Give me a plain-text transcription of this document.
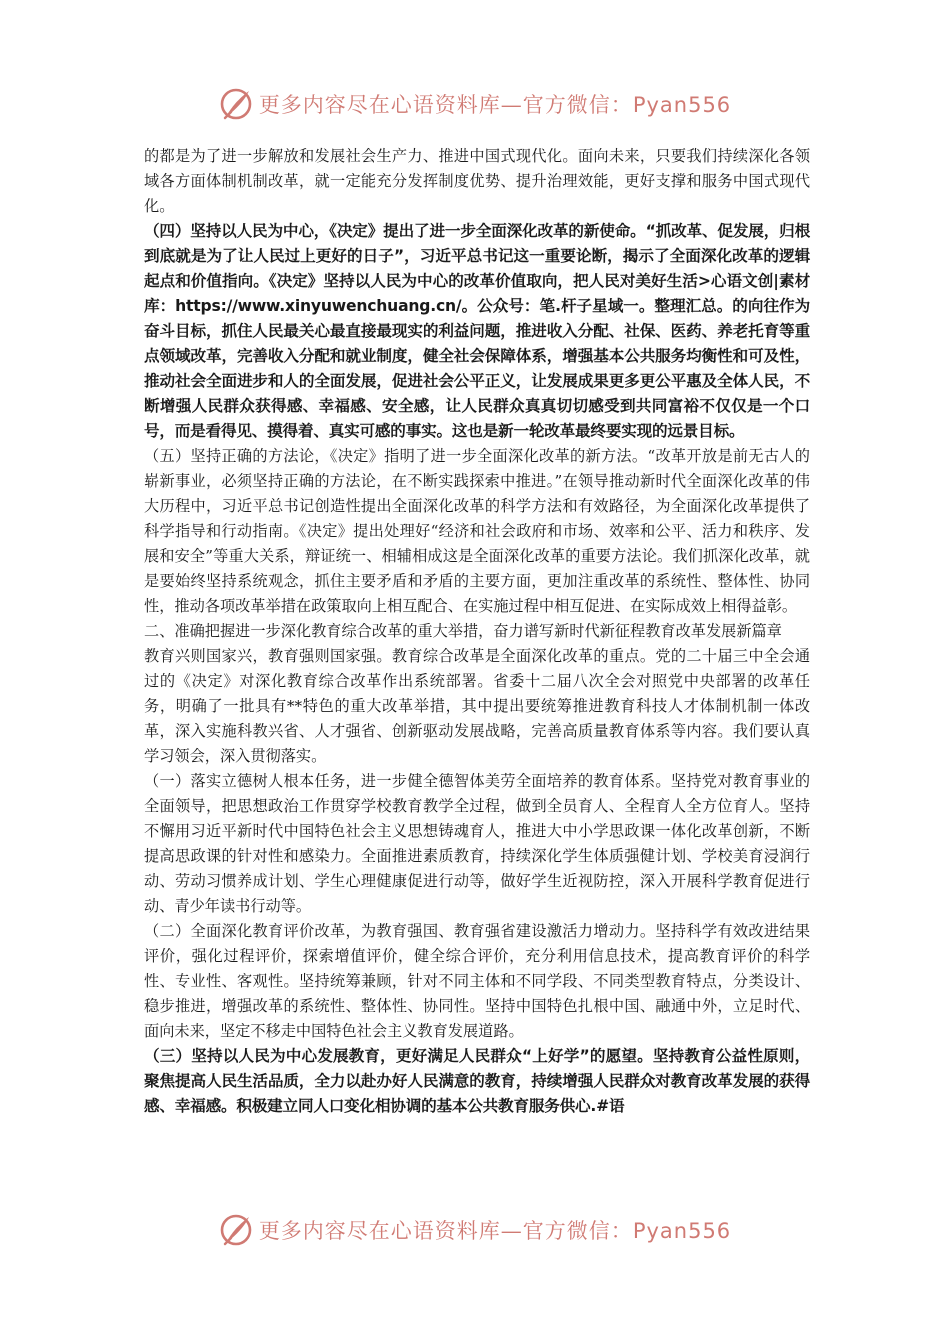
更多内容尽在心语资料库—官方微信：Pyan556

的都是为了进一步解放和发展社会生产力、推进中国式现代化。面向未来，只要我们持续深化各领域各方面体制机制改革，就一定能充分发挥制度优势、提升治理效能，更好支撑和服务中国式现代化。

（四）坚持以人民为中心，《决定》提出了进一步全面深化改革的新使命。“抓改革、促发展，归根到底就是为了让人民过上更好的日子”，习近平总书记这一重要论断，揭示了全面深化改革的逻辑起点和价值指向。《决定》坚持以人民为中心的改革价值取向，把人民对美好生活>心语文创|素材库：https://www.xinyuwenchuang.cn/。公众号：笔.杆子星域一。整理汇总。的向往作为奋斗目标，抓住人民最关心最直接最现实的利益问题，推进收入分配、社保、医药、养老托育等重点领域改革，完善收入分配和就业制度，健全社会保障体系，增强基本公共服务均衡性和可及性，推动社会全面进步和人的全面发展，促进社会公平正义，让发展成果更多更公平惠及全体人民，不断增强人民群众获得感、幸福感、安全感，让人民群众真真切切感受到共同富裕不仅仅是一个口号，而是看得见、摸得着、真实可感的事实。这也是新一轮改革最终要实现的远景目标。

（五）坚持正确的方法论，《决定》指明了进一步全面深化改革的新方法。“改革开放是前无古人的崭新事业，必须坚持正确的方法论，在不断实践探索中推进。”在领导推动新时代全面深化改革的伟大历程中，习近平总书记创造性提出全面深化改革的科学方法和有效路径，为全面深化改革提供了科学指导和行动指南。《决定》提出处理好“经济和社会政府和市场、效率和公平、活力和秩序、发展和安全”等重大关系，辩证统一、相辅相成这是全面深化改革的重要方法论。我们抓深化改革，就是要始终坚持系统观念，抓住主要矛盾和矛盾的主要方面，更加注重改革的系统性、整体性、协同性，推动各项改革举措在政策取向上相互配合、在实施过程中相互促进、在实际成效上相得益彰。

二、准确把握进一步深化教育综合改革的重大举措，奋力谱写新时代新征程教育改革发展新篇章

教育兴则国家兴，教育强则国家强。教育综合改革是全面深化改革的重点。党的二十届三中全会通过的《决定》对深化教育综合改革作出系统部署。省委十二届八次全会对照党中央部署的改革任务，明确了一批具有**特色的重大改革举措，其中提出要统筹推进教育科技人才体制机制一体改革，深入实施科教兴省、人才强省、创新驱动发展战略，完善高质量教育体系等内容。我们要认真学习领会，深入贯彻落实。

（一）落实立德树人根本任务，进一步健全德智体美劳全面培养的教育体系。坚持党对教育事业的全面领导，把思想政治工作贯穿学校教育教学全过程，做到全员育人、全程育人全方位育人。坚持不懈用习近平新时代中国特色社会主义思想铸魂育人，推进大中小学思政课一体化改革创新，不断提高思政课的针对性和感染力。全面推进素质教育，持续深化学生体质强健计划、学校美育浸润行动、劳动习惯养成计划、学生心理健康促进行动等，做好学生近视防控，深入开展科学教育促进行动、青少年读书行动等。

（二）全面深化教育评价改革，为教育强国、教育强省建设激活力增动力。坚持科学有效改进结果评价，强化过程评价，探索增值评价，健全综合评价，充分利用信息技术，提高教育评价的科学性、专业性、客观性。坚持统筹兼顾，针对不同主体和不同学段、不同类型教育特点，分类设计、稳步推进，增强改革的系统性、整体性、协同性。坚持中国特色扎根中国、融通中外，立足时代、面向未来，坚定不移走中国特色社会主义教育发展道路。

（三）坚持以人民为中心发展教育，更好满足人民群众“上好学”的愿望。坚持教育公益性原则，聚焦提高人民生活品质，全力以赴办好人民满意的教育，持续增强人民群众对教育改革发展的获得感、幸福感。积极建立同人口变化相协调的基本公共教育服务供心.#语

更多内容尽在心语资料库—官方微信：Pyan556
